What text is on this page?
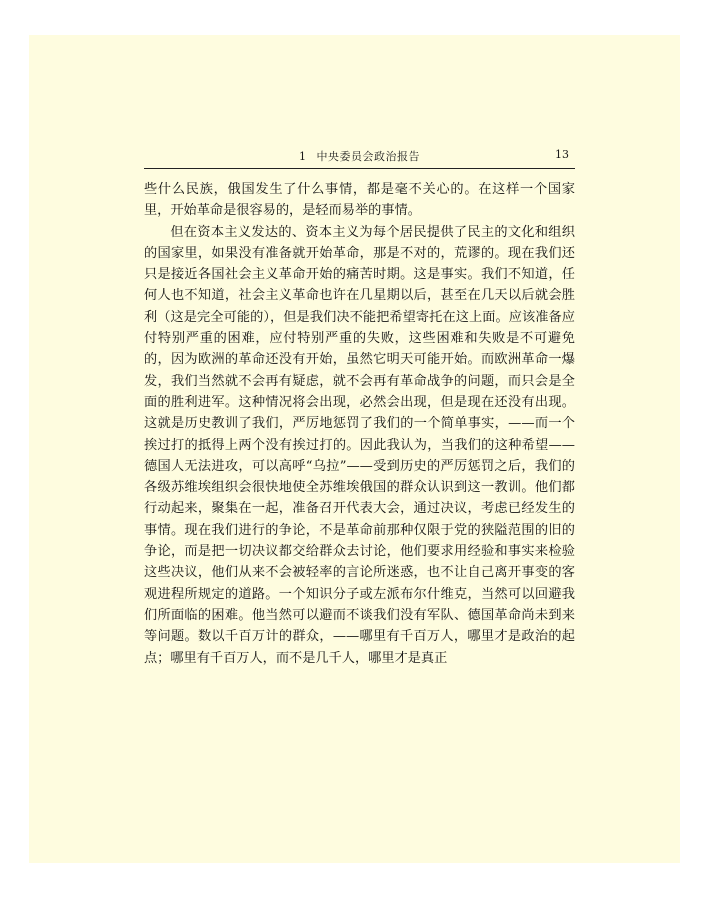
1 中央委员会政治报告	13

些什么民族，俄国发生了什么事情，都是毫不关心的。在这样一个国家里，开始革命是很容易的，是轻而易举的事情。

但在资本主义发达的、资本主义为每个居民提供了民主的文化和组织的国家里，如果没有准备就开始革命，那是不对的，荒谬的。现在我们还只是接近各国社会主义革命开始的痛苦时期。这是事实。我们不知道，任何人也不知道，社会主义革命也许在几星期以后，甚至在几天以后就会胜利（这是完全可能的），但是我们决不能把希望寄托在这上面。应该准备应付特别严重的困难，应付特别严重的失败，这些困难和失败是不可避免的，因为欧洲的革命还没有开始，虽然它明天可能开始。而欧洲革命一爆发，我们当然就不会再有疑虑，就不会再有革命战争的问题，而只会是全面的胜利进军。这种情况将会出现，必然会出现，但是现在还没有出现。这就是历史教训了我们，严厉地惩罚了我们的一个简单事实，——而一个挨过打的抵得上两个没有挨过打的。因此我认为，当我们的这种希望——德国人无法进攻，可以高呼“乌拉”——受到历史的严厉惩罚之后，我们的各级苏维埃组织会很快地使全苏维埃俄国的群众认识到这一教训。他们都行动起来，聚集在一起，准备召开代表大会，通过决议，考虑已经发生的事情。现在我们进行的争论，不是革命前那种仅限于党的狭隘范围的旧的争论，而是把一切决议都交给群众去讨论，他们要求用经验和事实来检验这些决议，他们从来不会被轻率的言论所迷惑，也不让自己离开事变的客观进程所规定的道路。一个知识分子或左派布尔什维克，当然可以回避我们所面临的困难。他当然可以避而不谈我们没有军队、德国革命尚未到来等问题。数以千百万计的群众，——哪里有千百万人，哪里才是政治的起点；哪里有千百万人，而不是几千人，哪里才是真正
